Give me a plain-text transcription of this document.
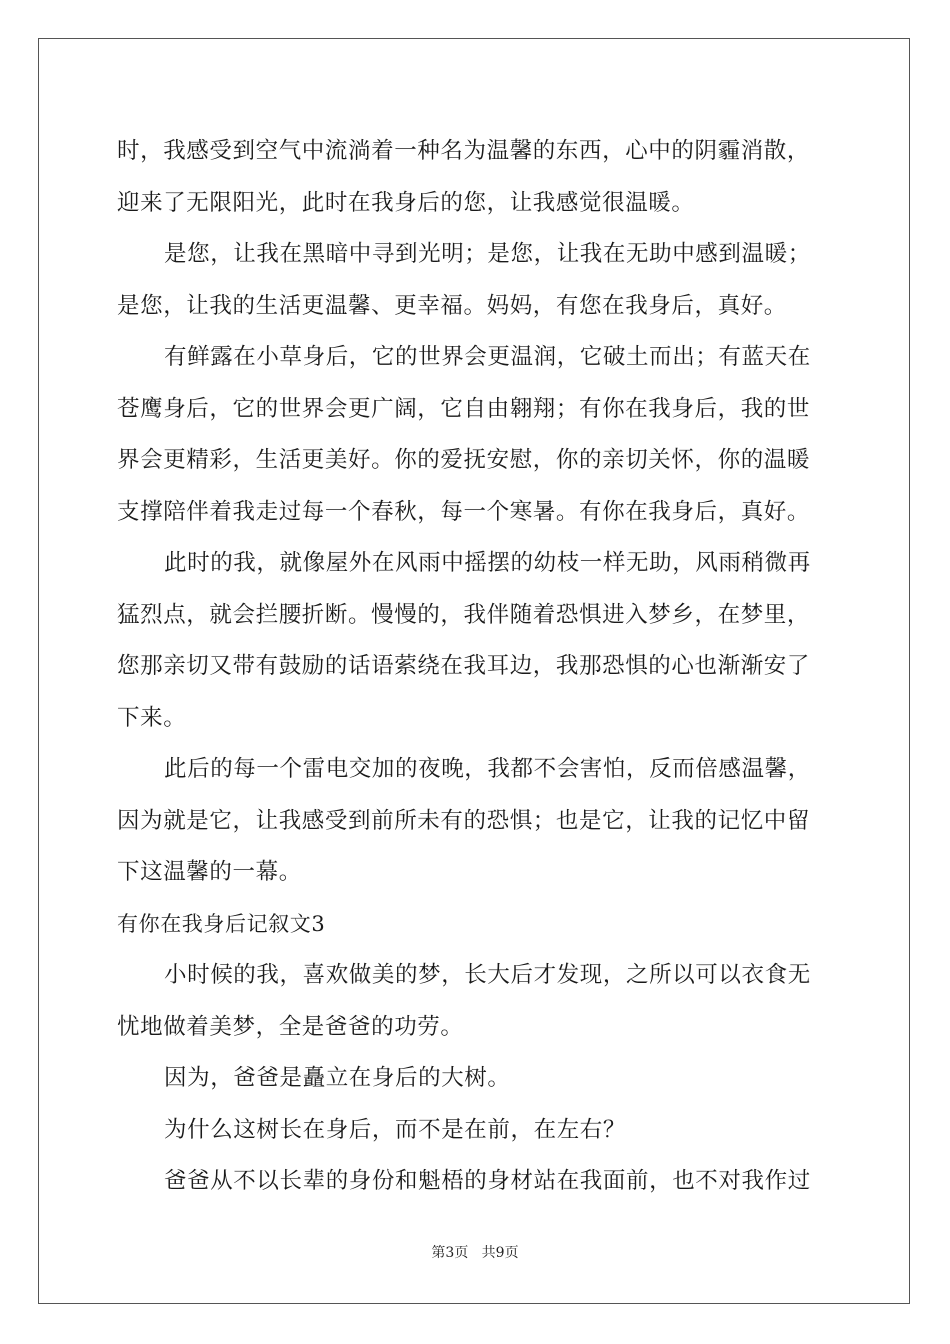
时，我感受到空气中流淌着一种名为温馨的东西，心中的阴霾消散，
迎来了无限阳光，此时在我身后的您，让我感觉很温暖。
是您，让我在黑暗中寻到光明；是您，让我在无助中感到温暖；
是您，让我的生活更温馨、更幸福。妈妈，有您在我身后，真好。
有鲜露在小草身后，它的世界会更温润，它破土而出；有蓝天在
苍鹰身后，它的世界会更广阔，它自由翱翔；有你在我身后，我的世
界会更精彩，生活更美好。你的爱抚安慰，你的亲切关怀，你的温暖
支撑陪伴着我走过每一个春秋，每一个寒暑。有你在我身后，真好。
此时的我，就像屋外在风雨中摇摆的幼枝一样无助，风雨稍微再
猛烈点，就会拦腰折断。慢慢的，我伴随着恐惧进入梦乡，在梦里，
您那亲切又带有鼓励的话语萦绕在我耳边，我那恐惧的心也渐渐安了
下来。
此后的每一个雷电交加的夜晚，我都不会害怕，反而倍感温馨，
因为就是它，让我感受到前所未有的恐惧；也是它，让我的记忆中留
下这温馨的一幕。
有你在我身后记叙文3
小时候的我，喜欢做美的梦，长大后才发现，之所以可以衣食无
忧地做着美梦，全是爸爸的功劳。
因为，爸爸是矗立在身后的大树。
为什么这树长在身后，而不是在前，在左右？
爸爸从不以长辈的身份和魁梧的身材站在我面前，也不对我作过
第3页   共9页
